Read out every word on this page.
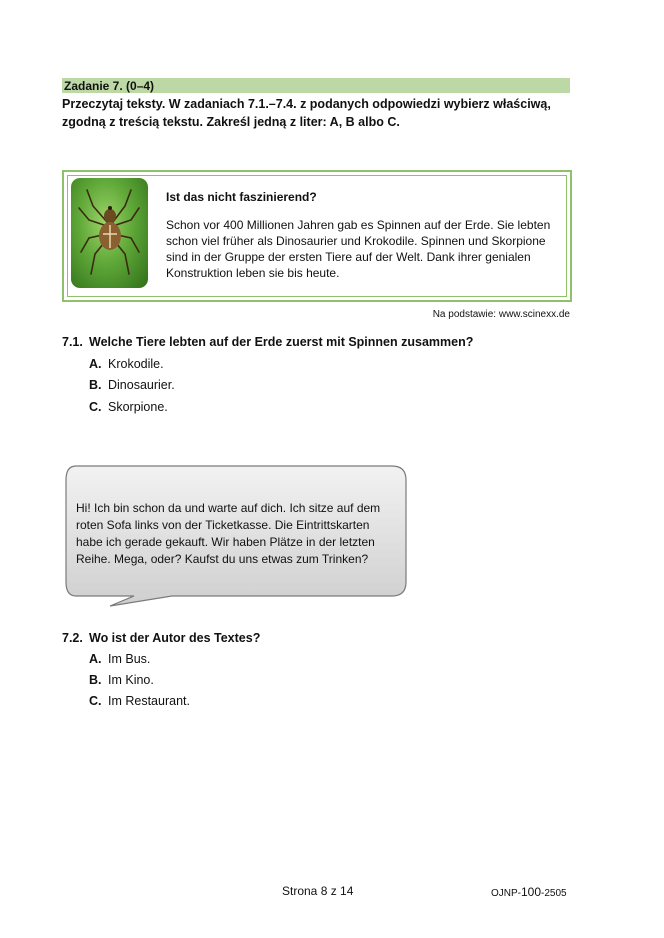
Zadanie 7. (0–4)
Przeczytaj teksty. W zadaniach 7.1.–7.4. z podanych odpowiedzi wybierz właściwą, zgodną z treścią tekstu. Zakreśl jedną z liter: A, B albo C.
Ist das nicht faszinierend?
Schon vor 400 Millionen Jahren gab es Spinnen auf der Erde. Sie lebten
schon viel früher als Dinosaurier und Krokodile. Spinnen und Skorpione
sind in der Gruppe der ersten Tiere auf der Welt. Dank ihrer genialen
Konstruktion leben sie bis heute.
Na podstawie: www.scinexx.de
7.1. Welche Tiere lebten auf der Erde zuerst mit Spinnen zusammen?
A. Krokodile.
B. Dinosaurier.
C. Skorpione.
Hi! Ich bin schon da und warte auf dich. Ich sitze auf dem
roten Sofa links von der Ticketkasse. Die Eintrittskarten
habe ich gerade gekauft. Wir haben Plätze in der letzten
Reihe. Mega, oder? Kaufst du uns etwas zum Trinken?
7.2. Wo ist der Autor des Textes?
A. Im Bus.
B. Im Kino.
C. Im Restaurant.
Strona 8 z 14	OJNP-100-2505
